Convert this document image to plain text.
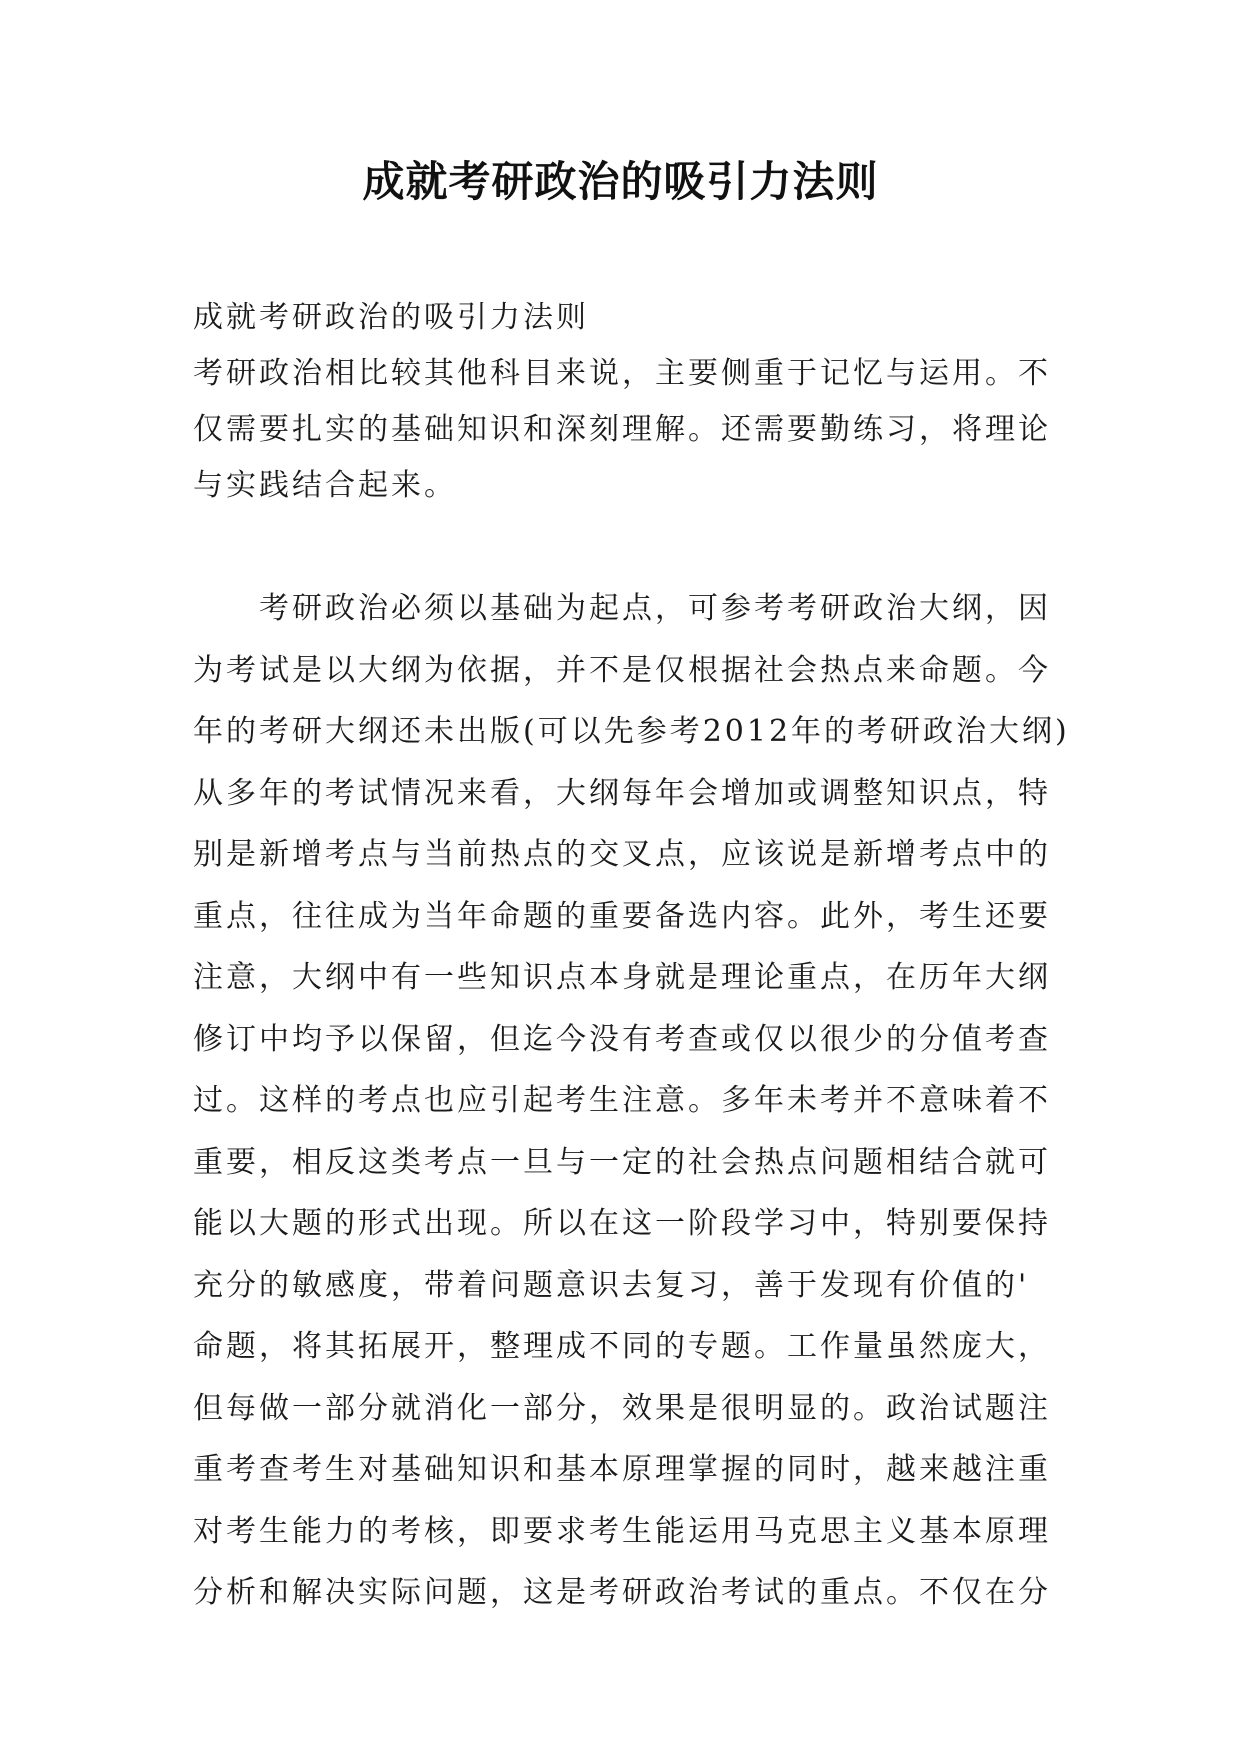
成就考研政治的吸引力法则
成就考研政治的吸引力法则
考研政治相比较其他科目来说，主要侧重于记忆与运用。不
仅需要扎实的基础知识和深刻理解。还需要勤练习，将理论
与实践结合起来。
考研政治必须以基础为起点，可参考考研政治大纲，因
为考试是以大纲为依据，并不是仅根据社会热点来命题。今
年的考研大纲还未出版(可以先参考2012年的考研政治大纲)
从多年的考试情况来看，大纲每年会增加或调整知识点，特
别是新增考点与当前热点的交叉点，应该说是新增考点中的
重点，往往成为当年命题的重要备选内容。此外，考生还要
注意，大纲中有一些知识点本身就是理论重点，在历年大纲
修订中均予以保留，但迄今没有考查或仅以很少的分值考查
过。这样的考点也应引起考生注意。多年未考并不意味着不
重要，相反这类考点一旦与一定的社会热点问题相结合就可
能以大题的形式出现。所以在这一阶段学习中，特别要保持
充分的敏感度，带着问题意识去复习，善于发现有价值的'
命题，将其拓展开，整理成不同的专题。工作量虽然庞大，
但每做一部分就消化一部分，效果是很明显的。政治试题注
重考查考生对基础知识和基本原理掌握的同时，越来越注重
对考生能力的考核，即要求考生能运用马克思主义基本原理
分析和解决实际问题，这是考研政治考试的重点。不仅在分
